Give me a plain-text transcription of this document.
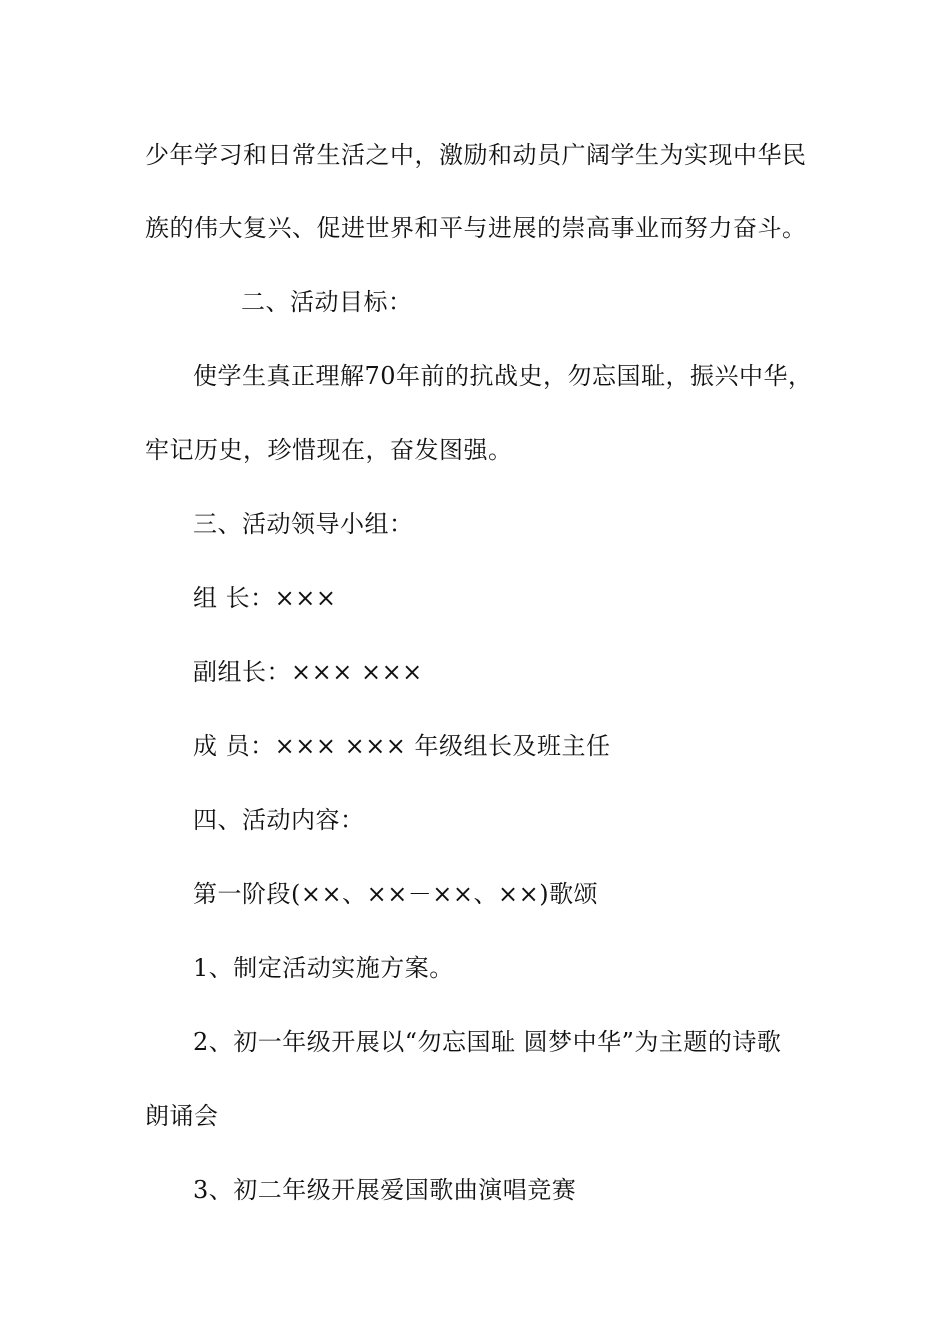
少年学习和日常生活之中，激励和动员广阔学生为实现中华民
族的伟大复兴、促进世界和平与进展的崇高事业而努力奋斗。
二、活动目标：
使学生真正理解70年前的抗战史，勿忘国耻，振兴中华，
牢记历史，珍惜现在，奋发图强。
三、活动领导小组：
组 长：×××
副组长：××× ×××
成 员：××× ××× 年级组长及班主任
四、活动内容：
第一阶段(××、××－××、××)歌颂
1、制定活动实施方案。
2、初一年级开展以“勿忘国耻 圆梦中华”为主题的诗歌
朗诵会
3、初二年级开展爱国歌曲演唱竞赛
